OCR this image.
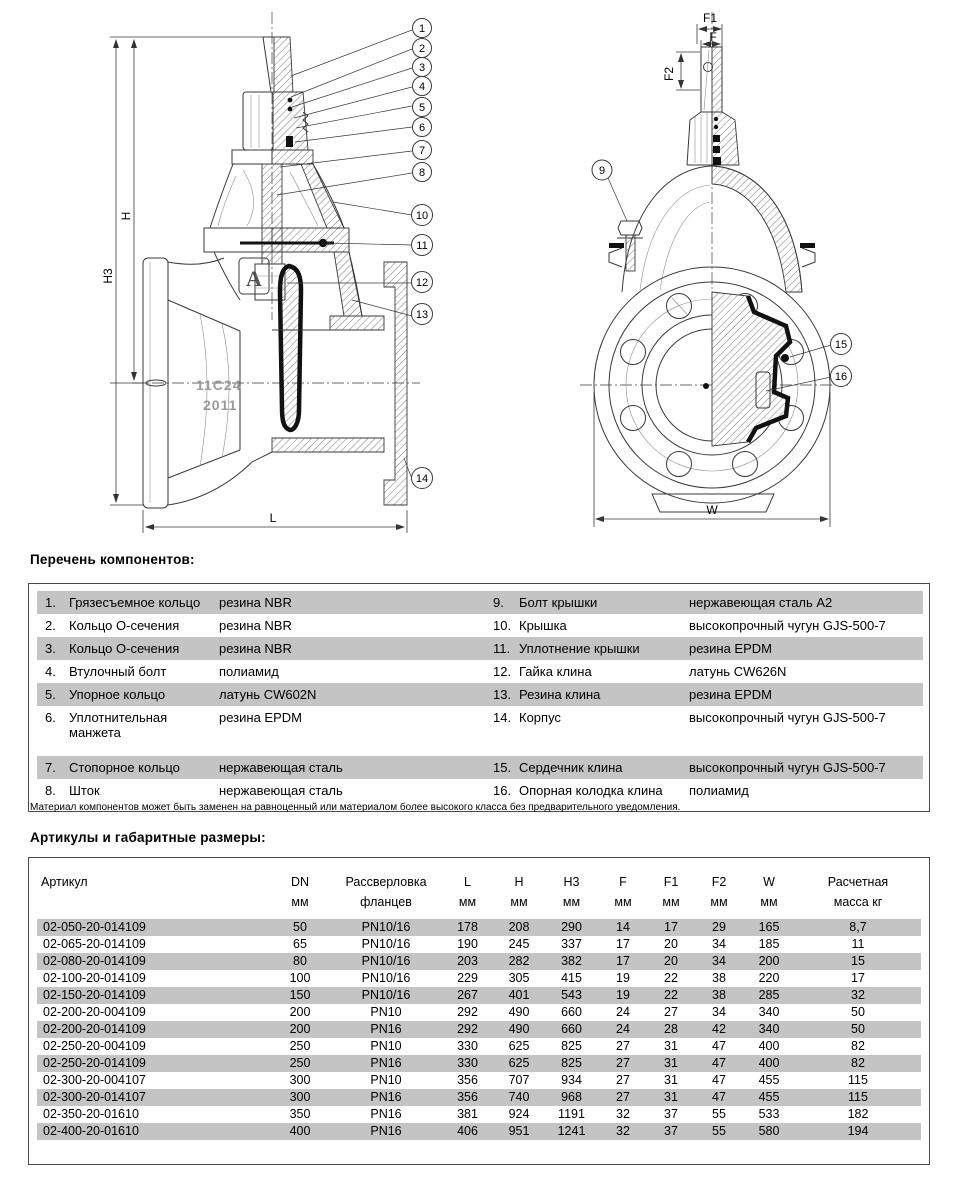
A
11C24
2011
H3
H
L
1
2
3
4
5
6
7
8
10
11
12
13
14
F1
F
F2
W
9
15
16
Перечень компонентов:
1.	Грязесъемное кольцо	резина NBR	9.	Болт крышки	нержавеющая сталь A2
2.	Кольцо О-сечения	резина NBR	10.	Крышка	высокопрочный чугун GJS-500-7
3.	Кольцо О-сечения	резина NBR	11.	Уплотнение крышки	резина EPDM
4.	Втулочный болт	полиамид	12.	Гайка клина	латунь CW626N
5.	Упорное кольцо	латунь CW602N	13.	Резина клина	резина EPDM
6.	Уплотнительная манжета	резина EPDM	14.	Корпус	высокопрочный чугун GJS-500-7
7.	Стопорное кольцо	нержавеющая сталь	15.	Сердечник клина	высокопрочный чугун GJS-500-7
8.	Шток	нержавеющая сталь	16.	Опорная колодка клина	полиамид
Материал компонентов может быть заменен на равноценный или материалом более высокого класса без предварительного уведомления.
Артикулы и габаритные размеры:
Артикул	DN	Рассверловка	L	H	H3	F	F1	F2	W	Расчетная
	мм	фланцев	мм	мм	мм	мм	мм	мм	мм	масса кг
02-050-20-014109	50	PN10/16	178	208	290	14	17	29	165	8,7
02-065-20-014109	65	PN10/16	190	245	337	17	20	34	185	11
02-080-20-014109	80	PN10/16	203	282	382	17	20	34	200	15
02-100-20-014109	100	PN10/16	229	305	415	19	22	38	220	17
02-150-20-014109	150	PN10/16	267	401	543	19	22	38	285	32
02-200-20-004109	200	PN10	292	490	660	24	27	34	340	50
02-200-20-014109	200	PN16	292	490	660	24	28	42	340	50
02-250-20-004109	250	PN10	330	625	825	27	31	47	400	82
02-250-20-014109	250	PN16	330	625	825	27	31	47	400	82
02-300-20-004107	300	PN10	356	707	934	27	31	47	455	115
02-300-20-014107	300	PN16	356	740	968	27	31	47	455	115
02-350-20-01610	350	PN16	381	924	1191	32	37	55	533	182
02-400-20-01610	400	PN16	406	951	1241	32	37	55	580	194
